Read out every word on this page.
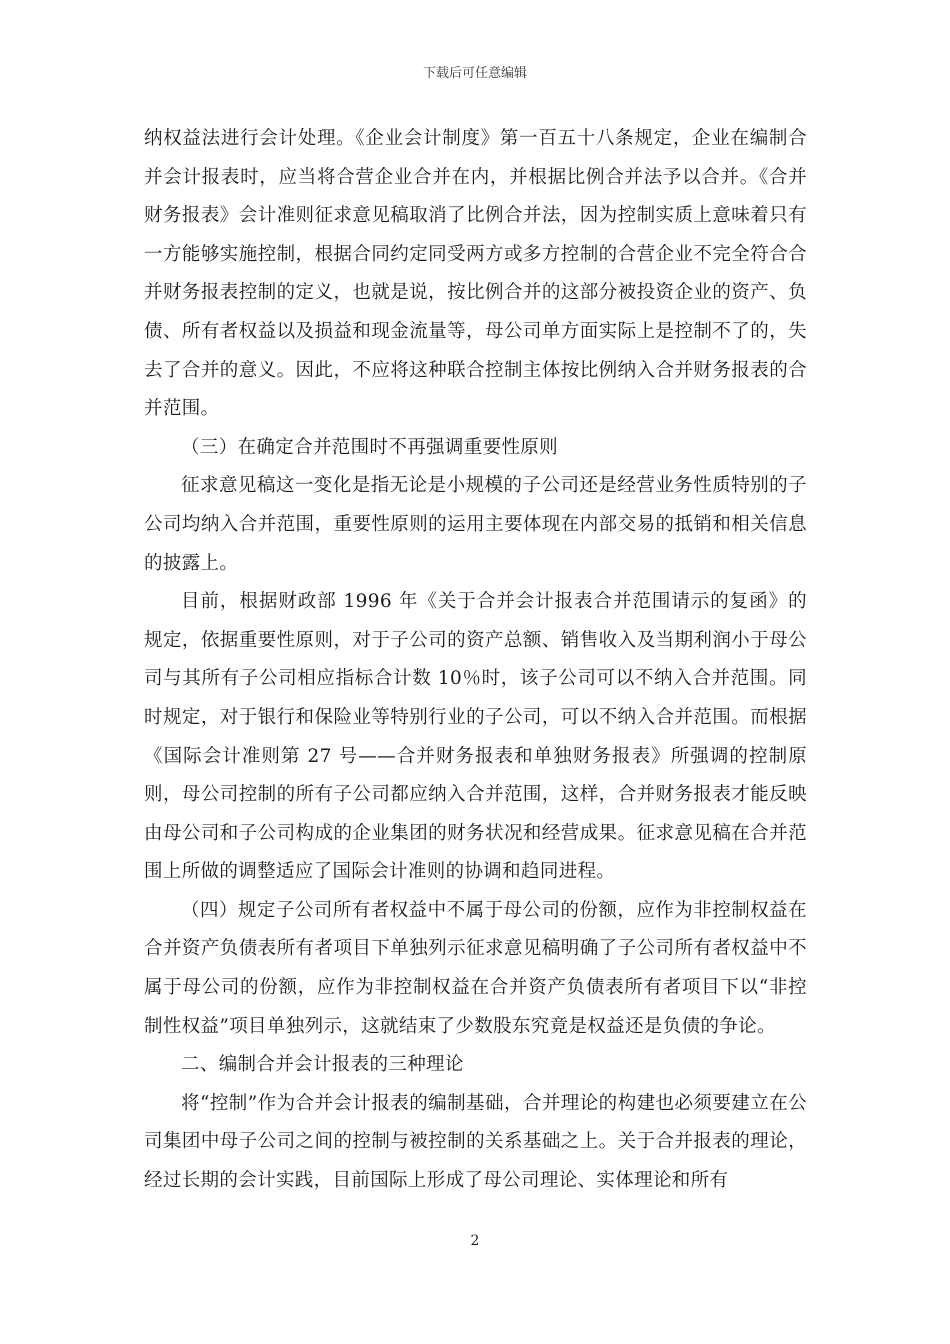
下载后可任意编辑

纳权益法进行会计处理。《企业会计制度》第一百五十八条规定，企业在编制合并会计报表时，应当将合营企业合并在内，并根据比例合并法予以合并。《合并财务报表》会计准则征求意见稿取消了比例合并法，因为控制实质上意味着只有一方能够实施控制，根据合同约定同受两方或多方控制的合营企业不完全符合合并财务报表控制的定义，也就是说，按比例合并的这部分被投资企业的资产、负债、所有者权益以及损益和现金流量等，母公司单方面实际上是控制不了的，失去了合并的意义。因此，不应将这种联合控制主体按比例纳入合并财务报表的合并范围。

（三）在确定合并范围时不再强调重要性原则

征求意见稿这一变化是指无论是小规模的子公司还是经营业务性质特别的子公司均纳入合并范围，重要性原则的运用主要体现在内部交易的抵销和相关信息的披露上。

目前，根据财政部 1996 年《关于合并会计报表合并范围请示的复函》的规定，依据重要性原则，对于子公司的资产总额、销售收入及当期利润小于母公司与其所有子公司相应指标合计数 10％时，该子公司可以不纳入合并范围。同时规定，对于银行和保险业等特别行业的子公司，可以不纳入合并范围。而根据《国际会计准则第 27 号——合并财务报表和单独财务报表》所强调的控制原则，母公司控制的所有子公司都应纳入合并范围，这样，合并财务报表才能反映由母公司和子公司构成的企业集团的财务状况和经营成果。征求意见稿在合并范围上所做的调整适应了国际会计准则的协调和趋同进程。

（四）规定子公司所有者权益中不属于母公司的份额，应作为非控制权益在合并资产负债表所有者项目下单独列示征求意见稿明确了子公司所有者权益中不属于母公司的份额，应作为非控制权益在合并资产负债表所有者项目下以“非控制性权益”项目单独列示，这就结束了少数股东究竟是权益还是负债的争论。

二、编制合并会计报表的三种理论

将“控制”作为合并会计报表的编制基础，合并理论的构建也必须要建立在公司集团中母子公司之间的控制与被控制的关系基础之上。关于合并报表的理论，经过长期的会计实践，目前国际上形成了母公司理论、实体理论和所有

2
